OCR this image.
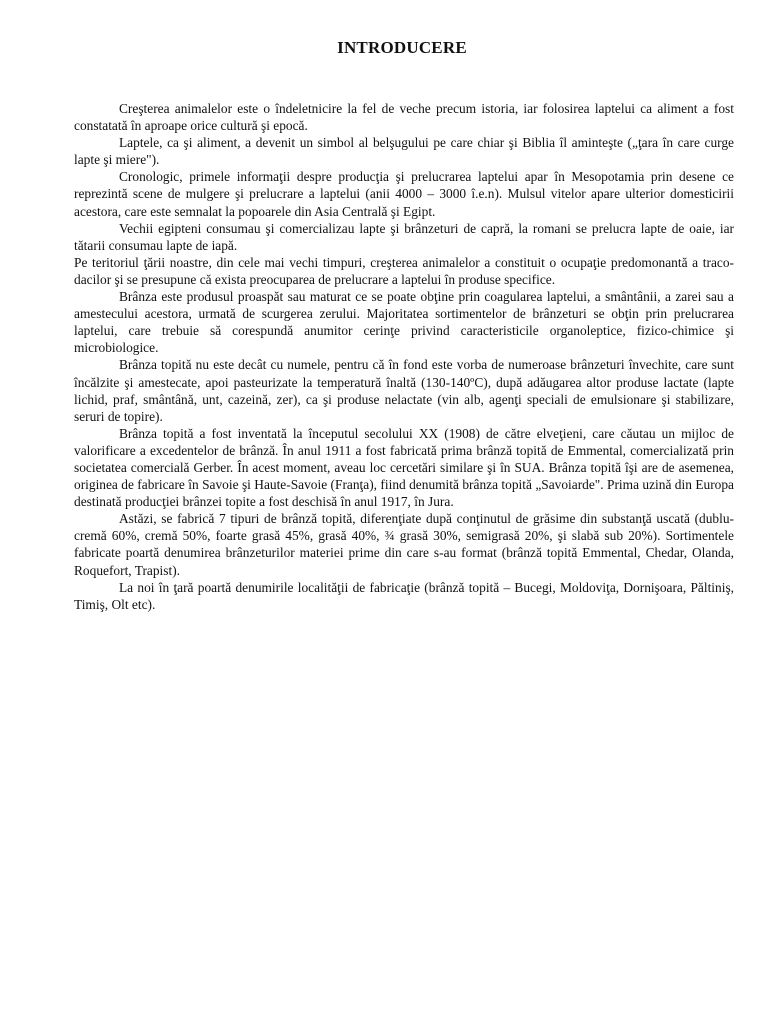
INTRODUCERE

Creşterea animalelor este o îndeletnicire la fel de veche precum istoria, iar folosirea laptelui ca aliment a fost constatată în aproape orice cultură şi epocă.

Laptele, ca şi aliment, a devenit un simbol al belşugului pe care chiar şi Biblia îl aminteşte („ţara în care curge lapte şi miere").

Cronologic, primele informaţii despre producţia şi prelucrarea laptelui apar în Mesopotamia prin desene ce reprezintă scene de mulgere şi prelucrare a laptelui (anii 4000 – 3000 î.e.n). Mulsul vitelor apare ulterior domesticirii acestora, care este semnalat la popoarele din Asia Centrală şi Egipt.

Vechii egipteni consumau şi comercializau lapte şi brânzeturi de capră, la romani se prelucra lapte de oaie, iar tătarii consumau lapte de iapă.

Pe teritoriul ţării noastre, din cele mai vechi timpuri, creşterea animalelor a constituit o ocupaţie predomonantă a traco-dacilor şi se presupune că exista preocuparea de prelucrare a laptelui în produse specifice.

Brânza este produsul proaspăt sau maturat ce se poate obţine prin coagularea laptelui, a smântânii, a zarei sau a amestecului acestora, urmată de scurgerea zerului. Majoritatea sortimentelor de brânzeturi se obţin prin prelucrarea laptelui, care trebuie să corespundă anumitor cerinţe privind caracteristicile organoleptice, fizico-chimice şi microbiologice.

Brânza topită nu este decât cu numele, pentru că în fond este vorba de numeroase brânzeturi învechite, care sunt încălzite şi amestecate, apoi pasteurizate la temperatură înaltă (130-140ºC), după adăugarea altor produse lactate (lapte lichid, praf, smântână, unt, cazeină, zer), ca şi produse nelactate (vin alb, agenţi speciali de emulsionare şi stabilizare, seruri de topire).

Brânza topită a fost inventată la începutul secolului XX (1908) de către elveţieni, care căutau un mijloc de valorificare a excedentelor de brânză. În anul 1911 a fost fabricată prima brânză topită de Emmental, comercializată prin societatea comercială Gerber. În acest moment, aveau loc cercetări similare şi în SUA. Brânza topită îşi are de asemenea, originea de fabricare în Savoie şi Haute-Savoie (Franţa), fiind denumită brânza topită „Savoiarde". Prima uzină din Europa destinată producţiei brânzei topite a fost deschisă în anul 1917, în Jura.

Astăzi, se fabrică 7 tipuri de brânză topită, diferenţiate după conţinutul de grăsime din substanţă uscată (dublu-cremă 60%, cremă 50%, foarte grasă 45%, grasă 40%, ¾ grasă 30%, semigrasă 20%, şi slabă sub 20%). Sortimentele fabricate poartă denumirea brânzeturilor materiei prime din care s-au format (brânză topită Emmental, Chedar, Olanda, Roquefort, Trapist).

La noi în ţară poartă denumirile localităţii de fabricaţie (brânză topită – Bucegi, Moldoviţa, Dornişoara, Păltiniş, Timiş, Olt etc).
